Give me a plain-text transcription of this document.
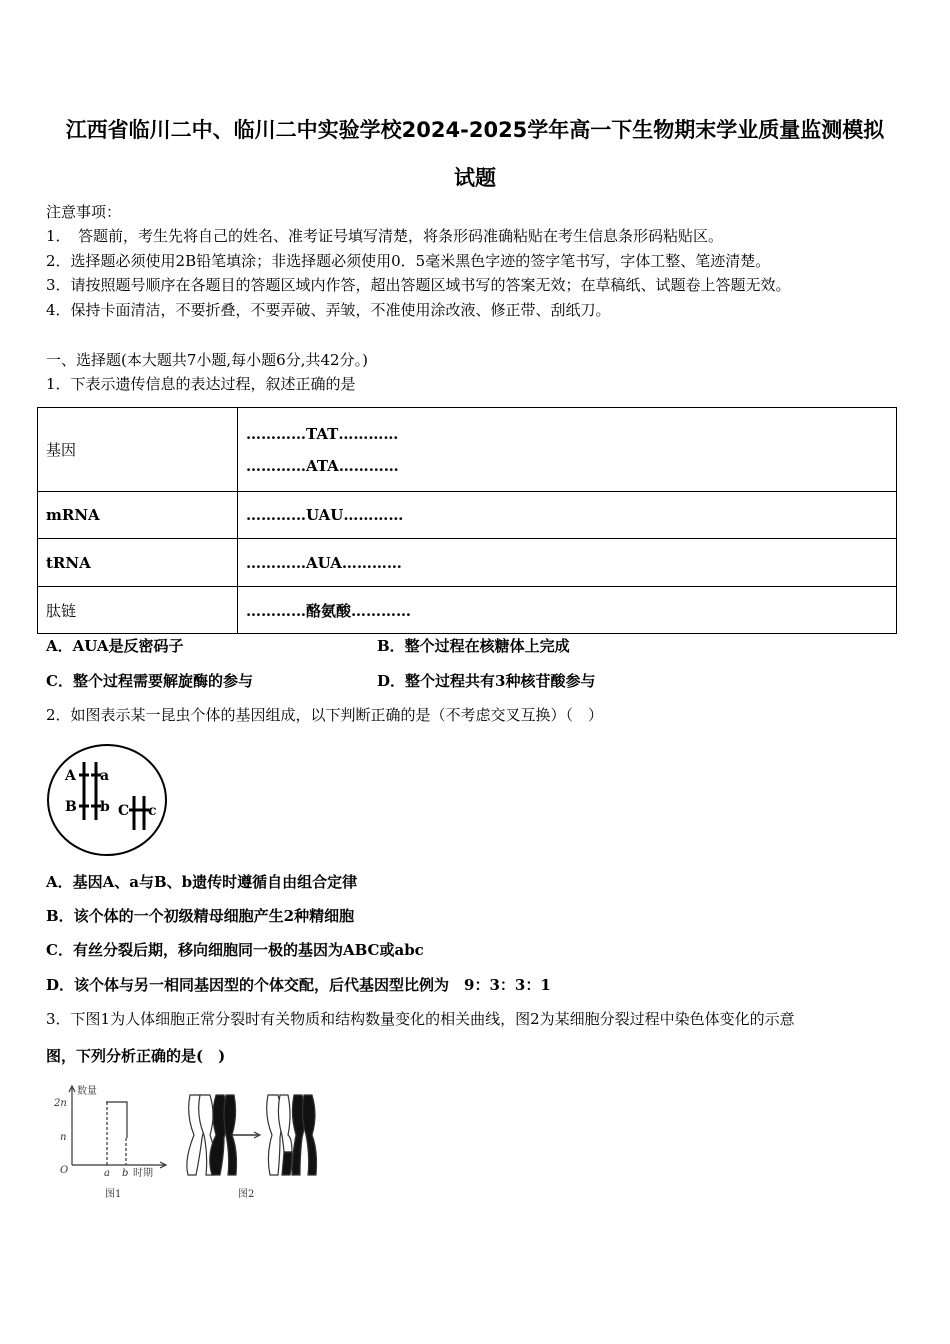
江西省临川二中、临川二中实验学校2024-2025学年高一下生物期末学业质量监测模拟
试题
注意事项：
1．　答题前，考生先将自己的姓名、准考证号填写清楚，将条形码准确粘贴在考生信息条形码粘贴区。
2．选择题必须使用2B铅笔填涂；非选择题必须使用0．5毫米黑色字迹的签字笔书写，字体工整、笔迹清楚。
3．请按照题号顺序在各题目的答题区域内作答，超出答题区域书写的答案无效；在草稿纸、试题卷上答题无效。
4．保持卡面清洁，不要折叠，不要弄破、弄皱，不准使用涂改液、修正带、刮纸刀。
一、选择题(本大题共7小题,每小题6分,共42分。)
1．下表示遗传信息的表达过程，叙述正确的是
基因	…………TAT…………
…………ATA…………

mRNA	…………UAU…………
tRNA	…………AUA…………
肽链	…………酪氨酸…………
A．AUA是反密码子	B．整个过程在核糖体上完成
C．整个过程需要解旋酶的参与	D．整个过程共有3种核苷酸参与
2．如图表示某一昆虫个体的基因组成，以下判断正确的是（不考虑交叉互换）（　）
A a
B b C c
A．基因A、a与B、b遗传时遵循自由组合定律
B．该个体的一个初级精母细胞产生2种精细胞
C．有丝分裂后期，移向细胞同一极的基因为ABC或abc
D．该个体与另一相同基因型的个体交配，后代基因型比例为　9：3：3：1
3．下图1为人体细胞正常分裂时有关物质和结构数量变化的相关曲线，图2为某细胞分裂过程中染色体变化的示意
图，下列分析正确的是(　)
数量
2n
n
O	a b 时期
图1	图2
